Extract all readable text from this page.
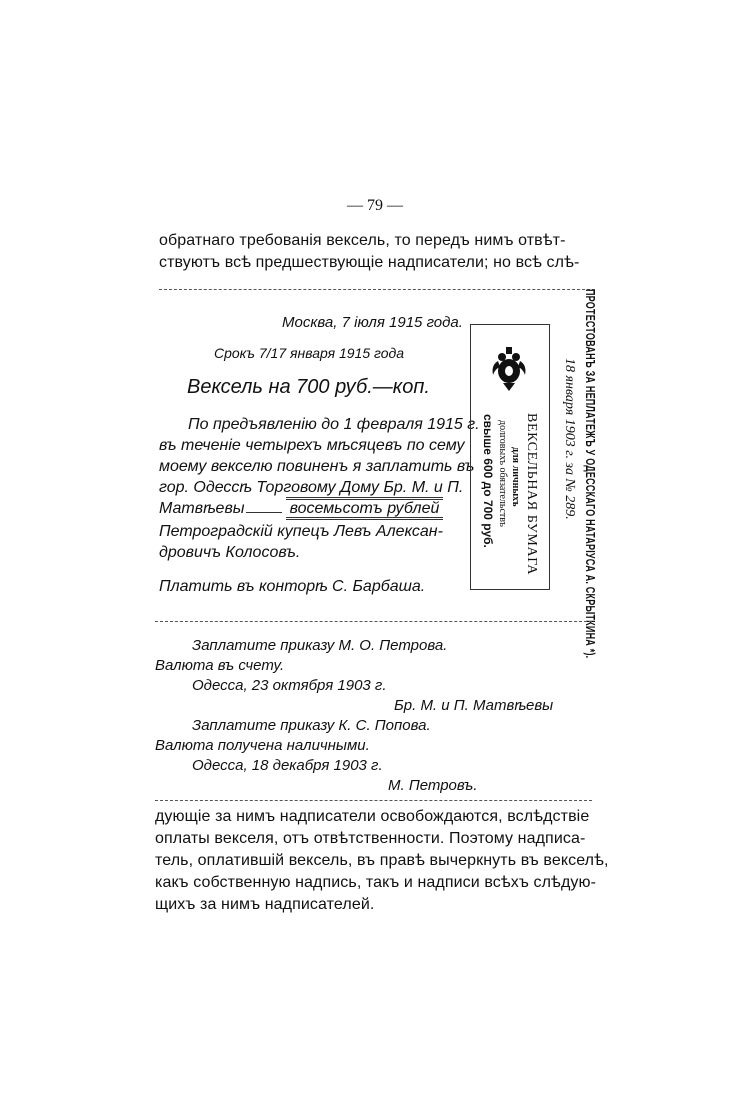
— 79 —
обратнаго требованія вексель, то передъ нимъ отвѣт-
ствуютъ всѣ предшествующіе надписатели; но всѣ слѣ-
Москва, 7 іюля 1915 года.
Срокъ 7/17 января 1915 года
Вексель на 700 руб.—коп.
По предъявленію до 1 февраля 1915 г.
въ теченіе четырехъ мѣсяцевъ по сему
моему векселю повиненъ я заплатить въ
гор. Одессѣ Торговому Дому Бр. М. и П.
Матвѣевы	восемьсотъ рублей
Петроградскій купецъ Левъ Алексан-
дровичъ Колосовъ.
Платить въ конторѣ С. Барбаша.
ВЕКСЕЛЬНАЯ БУМАГА
для личныхъ
долговыхъ обязательствъ
свыше 600 до 700 руб.	ПРОТЕСТОВАНЪ ЗА НЕПЛАТЕЖЪ У ОДЕССКАГО НАТАРІУСА А. СКРЫТКИНА *).
18 января 1903 г. за № 289.
Заплатите приказу М. О. Петрова.
Валюта въ счету.
Одесса, 23 октября 1903 г.
Бр. М. и П. Матвѣевы
Заплатите приказу К. С. Попова.
Валюта получена наличными.
Одесса, 18 декабря 1903 г.
М. Петровъ.
дующіе за нимъ надписатели освобождаются, вслѣдствіе
оплаты векселя, отъ отвѣтственности. Поэтому надписа-
тель, оплатившій вексель, въ правѣ вычеркнуть въ векселѣ,
какъ собственную надпись, такъ и надписи всѣхъ слѣдую-
щихъ за нимъ надписателей.
